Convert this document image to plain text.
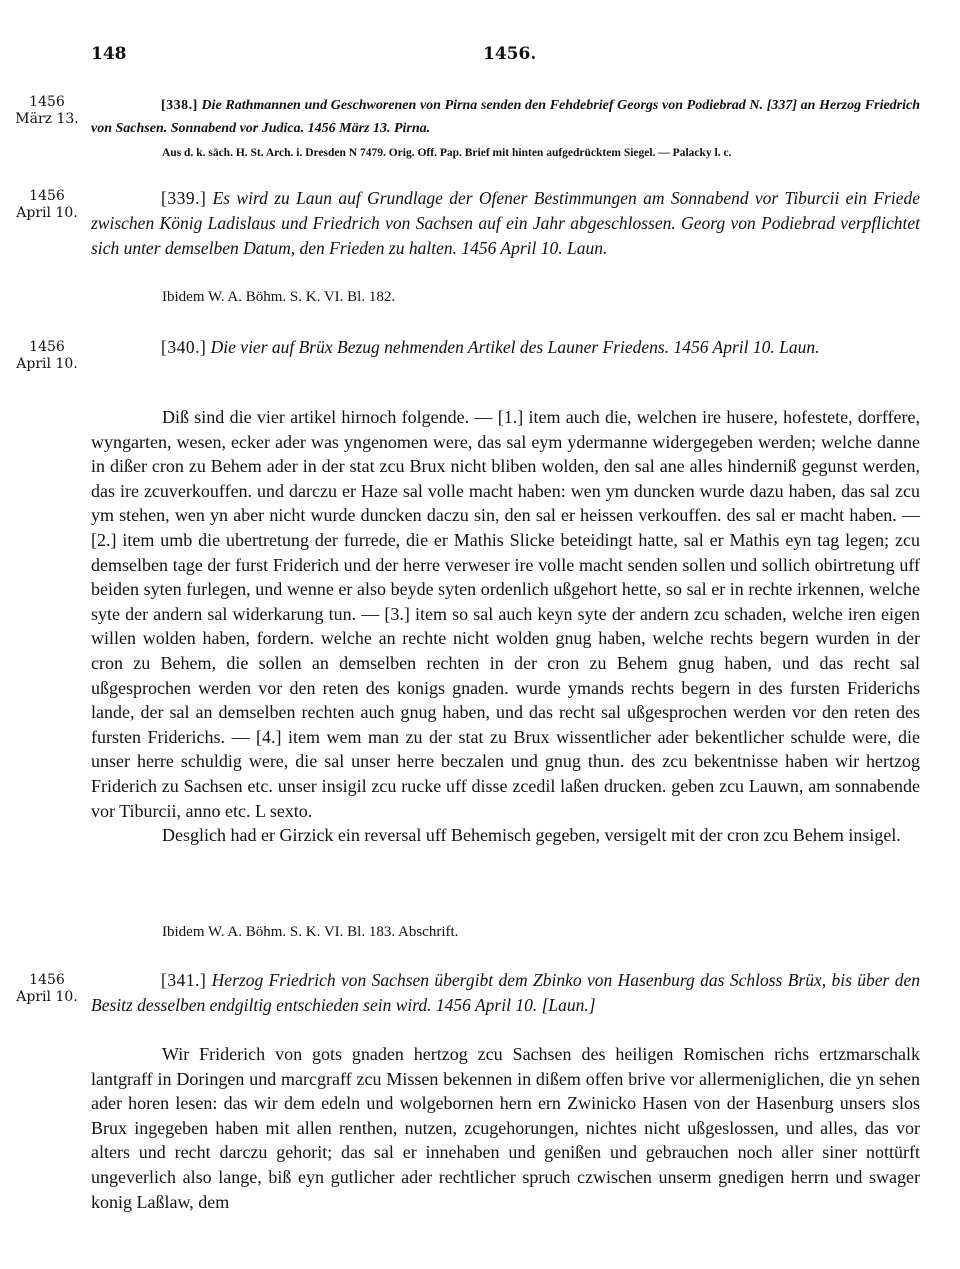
148	1456.
1456
März 13.
[338.] Die Rathmannen und Geschworenen von Pirna senden den Fehdebrief Georgs von Podiebrad N. [337] an Herzog Friedrich von Sachsen. Sonnabend vor Judica. 1456 März 13. Pirna.
Aus d. k. sāch. H. St. Arch. i. Dresden N 7479. Orig. Off. Pap. Brief mit hinten aufgedrücktem Siegel. — Palacky l. c.
1456
April 10.
[339.] Es wird zu Laun auf Grundlage der Ofener Bestimmungen am Sonnabend vor Tiburcii ein Friede zwischen König Ladislaus und Friedrich von Sachsen auf ein Jahr abgeschlossen. Georg von Podiebrad verpflichtet sich unter demselben Datum, den Frieden zu halten. 1456 April 10. Laun.
Ibidem W. A. Böhm. S. K. VI. Bl. 182.
1456
April 10.
[340.] Die vier auf Brüx Bezug nehmenden Artikel des Launer Friedens. 1456 April 10. Laun.

Diß sind die vier artikel hirnoch folgende. — [1.] item auch die, welchen ire husere, hofestete, dorffere, wyngarten, wesen, ecker ader was yngenomen were, das sal eym ydermanne widergegeben werden; welche danne in dißer cron zu Behem ader in der stat zcu Brux nicht bliben wolden, den sal ane alles hinderniß gegunst werden, das ire zcuverkouffen. und darczu er Haze sal volle macht haben: wen ym duncken wurde dazu haben, das sal zcu ym stehen, wen yn aber nicht wurde duncken daczu sin, den sal er heissen verkouffen. des sal er macht haben. — [2.] item umb die ubertretung der furrede, die er Mathis Slicke beteidingt hatte, sal er Mathis eyn tag legen; zcu demselben tage der furst Friderich und der herre verweser ire volle macht senden sollen und sollich obirtretung uff beiden syten furlegen, und wenne er also beyde syten ordenlich ußgehort hette, so sal er in rechte irkennen, welche syte der andern sal widerkarung tun. — [3.] item so sal auch keyn syte der andern zcu schaden, welche iren eigen willen wolden haben, fordern. welche an rechte nicht wolden gnug haben, welche rechts begern wurden in der cron zu Behem, die sollen an demselben rechten in der cron zu Behem gnug haben, und das recht sal ußgesprochen werden vor den reten des konigs gnaden. wurde ymands rechts begern in des fursten Friderichs lande, der sal an demselben rechten auch gnug haben, und das recht sal ußgesprochen werden vor den reten des fursten Friderichs. — [4.] item wem man zu der stat zu Brux wissentlicher ader bekentlicher schulde were, die unser herre schuldig were, die sal unser herre beczalen und gnug thun. des zcu bekentnisse haben wir hertzog Friderich zu Sachsen etc. unser insigil zcu rucke uff disse zcedil laßen drucken. geben zcu Lauwn, am sonnabende vor Tiburcii, anno etc. L sexto.

Desglich had er Girzick ein reversal uff Behemisch gegeben, versigelt mit der cron zcu Behem insigel.

Ibidem W. A. Böhm. S. K. VI. Bl. 183. Abschrift.
1456
April 10.
[341.] Herzog Friedrich von Sachsen übergibt dem Zbinko von Hasenburg das Schloss Brüx, bis über den Besitz desselben endgiltig entschieden sein wird. 1456 April 10. [Laun.]

Wir Friderich von gots gnaden hertzog zcu Sachsen des heiligen Romischen richs ertzmarschalk lantgraff in Doringen und marcgraff zcu Missen bekennen in dißem offen brive vor allermeniglichen, die yn sehen ader horen lesen: das wir dem edeln und wolgebornen hern ern Zwinicko Hasen von der Hasenburg unsers slos Brux ingegeben haben mit allen renthen, nutzen, zcugehorungen, nichtes nicht ußgeslossen, und alles, das vor alters und recht darczu gehorit; das sal er innehaben und genißen und gebrauchen noch aller siner nottürft ungeverlich also lange, biß eyn gutlicher ader rechtlicher spruch czwischen unserm gnedigen herrn und swager konig Laßlaw, dem
